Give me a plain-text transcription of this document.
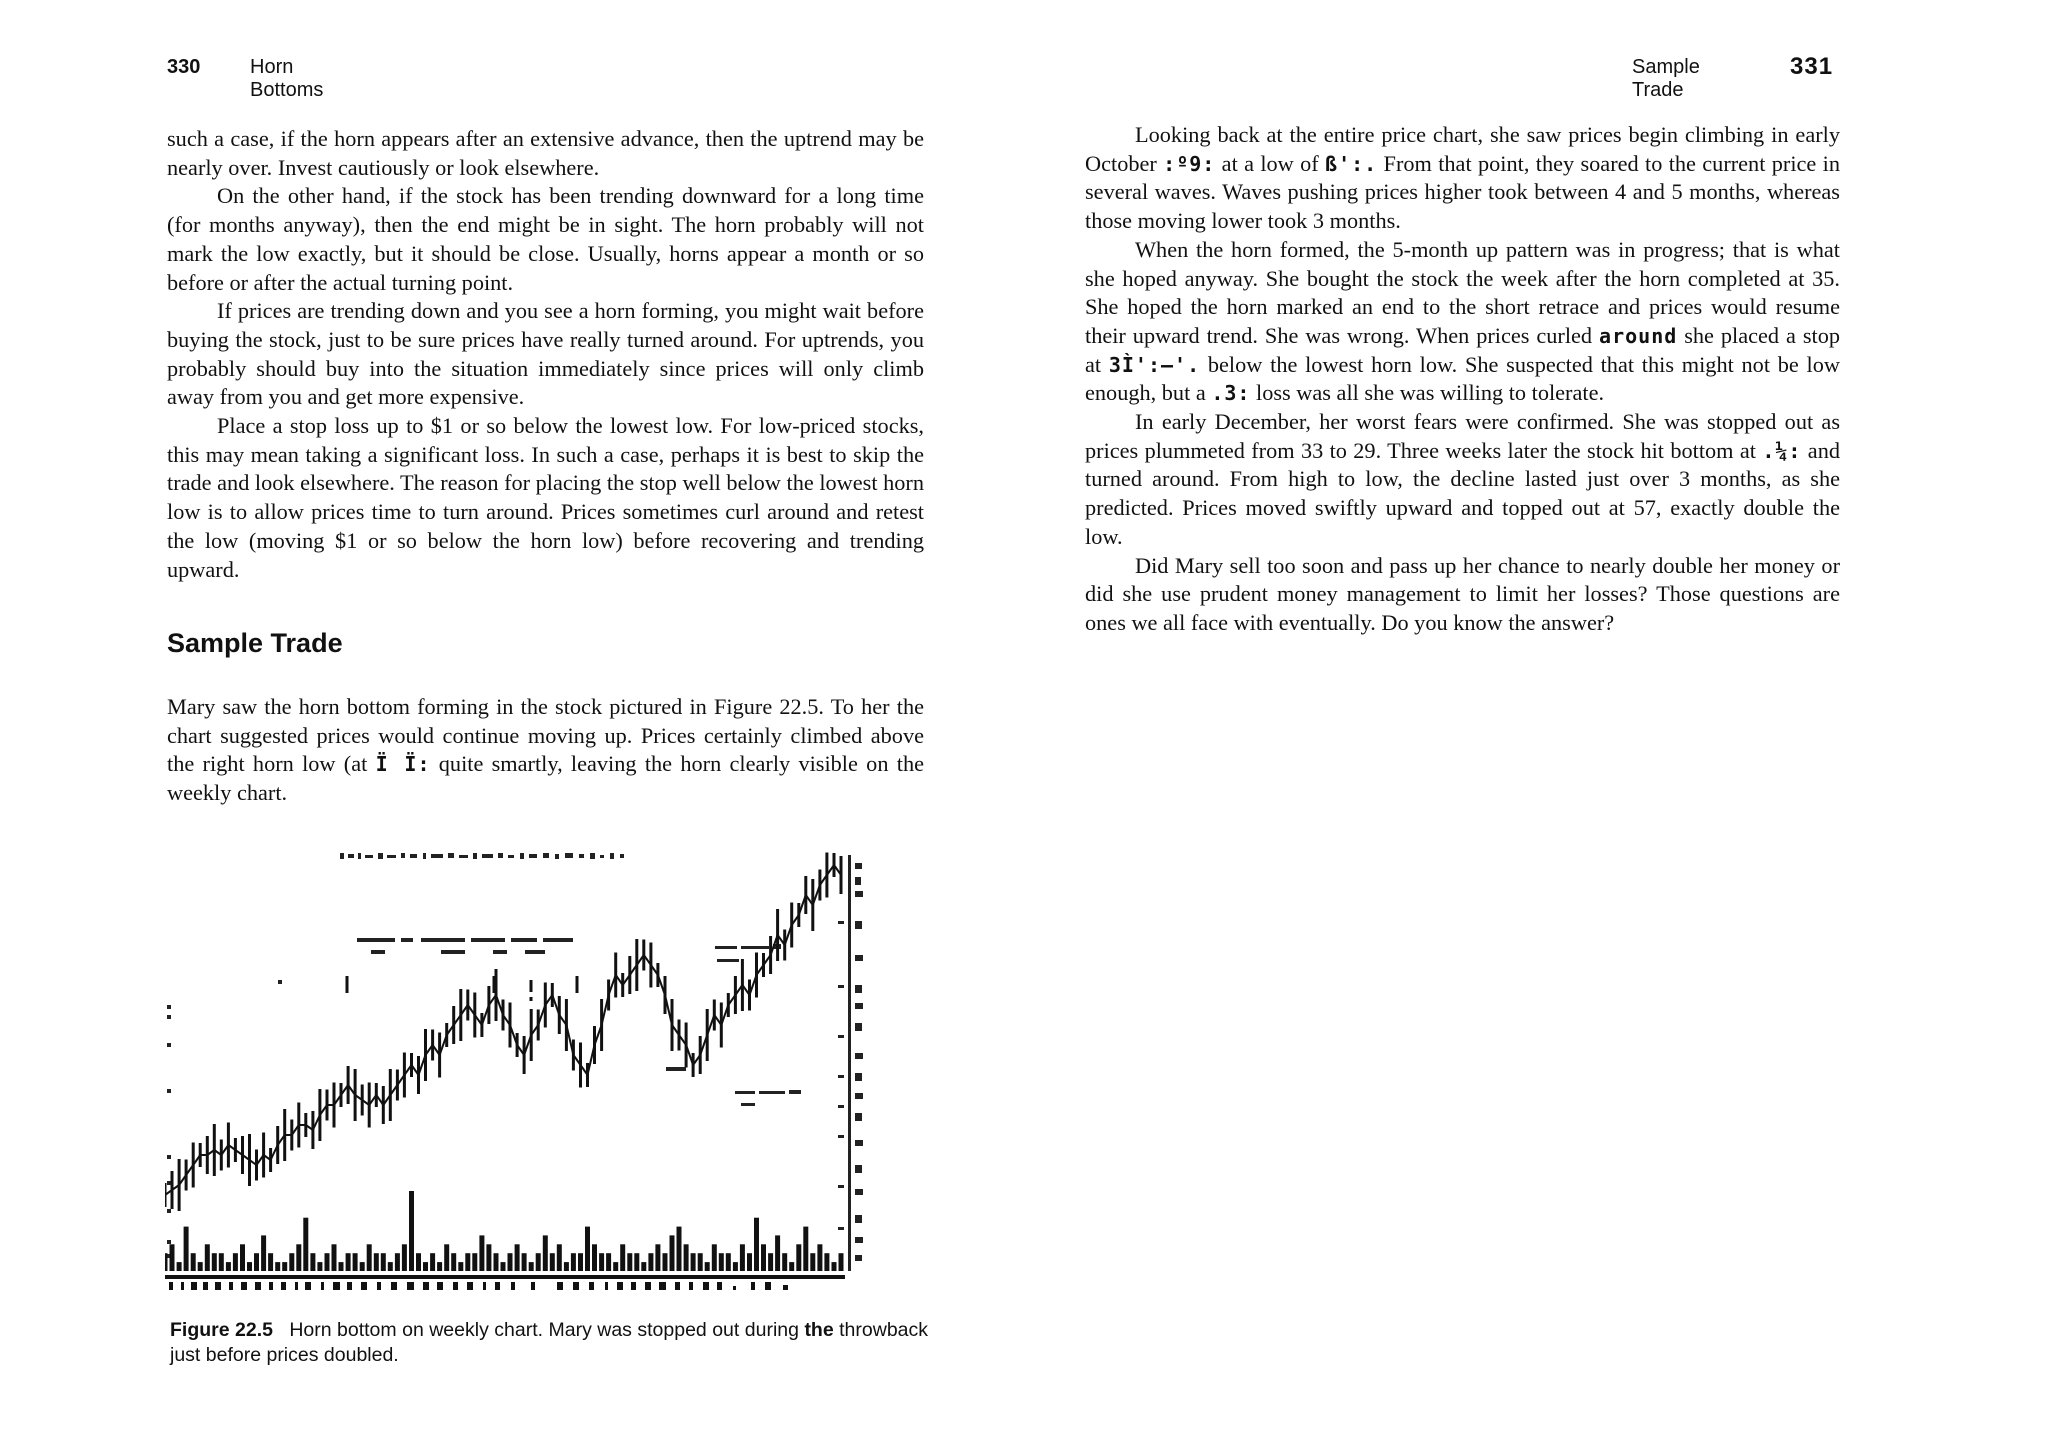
330 Horn Bottoms

such a case, if the horn appears after an extensive advance, then the uptrend may be nearly over. Invest cautiously or look elsewhere.

On the other hand, if the stock has been trending downward for a long time (for months anyway), then the end might be in sight. The horn probably will not mark the low exactly, but it should be close. Usually, horns appear a month or so before or after the actual turning point.

If prices are trending down and you see a horn forming, you might wait before buying the stock, just to be sure prices have really turned around. For uptrends, you probably should buy into the situation immediately since prices will only climb away from you and get more expensive.

Place a stop loss up to $1 or so below the lowest low. For low-priced stocks, this may mean taking a significant loss. In such a case, perhaps it is best to skip the trade and look elsewhere. The reason for placing the stop well below the lowest horn low is to allow prices time to turn around. Prices sometimes curl around and retest the low (moving $1 or so below the horn low) before recovering and trending upward.

Sample Trade

Mary saw the horn bottom forming in the stock pictured in Figure 22.5. To her the chart suggested prices would continue moving up. Prices certainly climbed above the right horn low (at Ï Ï: quite smartly, leaving the horn clearly visible on the weekly chart.

Figure 22.5 Horn bottom on weekly chart. Mary was stopped out during the throwback just before prices doubled.
Sample Trade
331

Looking back at the entire price chart, she saw prices begin climbing in early October :º9: at a low of ß':. From that point, they soared to the current price in several waves. Waves pushing prices higher took between 4 and 5 months, whereas those moving lower took 3 months.

When the horn formed, the 5-month up pattern was in progress; that is what she hoped anyway. She bought the stock the week after the horn completed at 35. She hoped the horn marked an end to the short retrace and prices would resume their upward trend. She was wrong. When prices curled around she placed a stop at 3Ì':—'. below the lowest horn low. She suspected that this might not be low enough, but a .3: loss was all she was willing to tolerate.

In early December, her worst fears were confirmed. She was stopped out as prices plummeted from 33 to 29. Three weeks later the stock hit bottom at .¼: and turned around. From high to low, the decline lasted just over 3 months, as she predicted. Prices moved swiftly upward and topped out at 57, exactly double the low.

Did Mary sell too soon and pass up her chance to nearly double her money or did she use prudent money management to limit her losses? Those questions are ones we all face with eventually. Do you know the answer?
